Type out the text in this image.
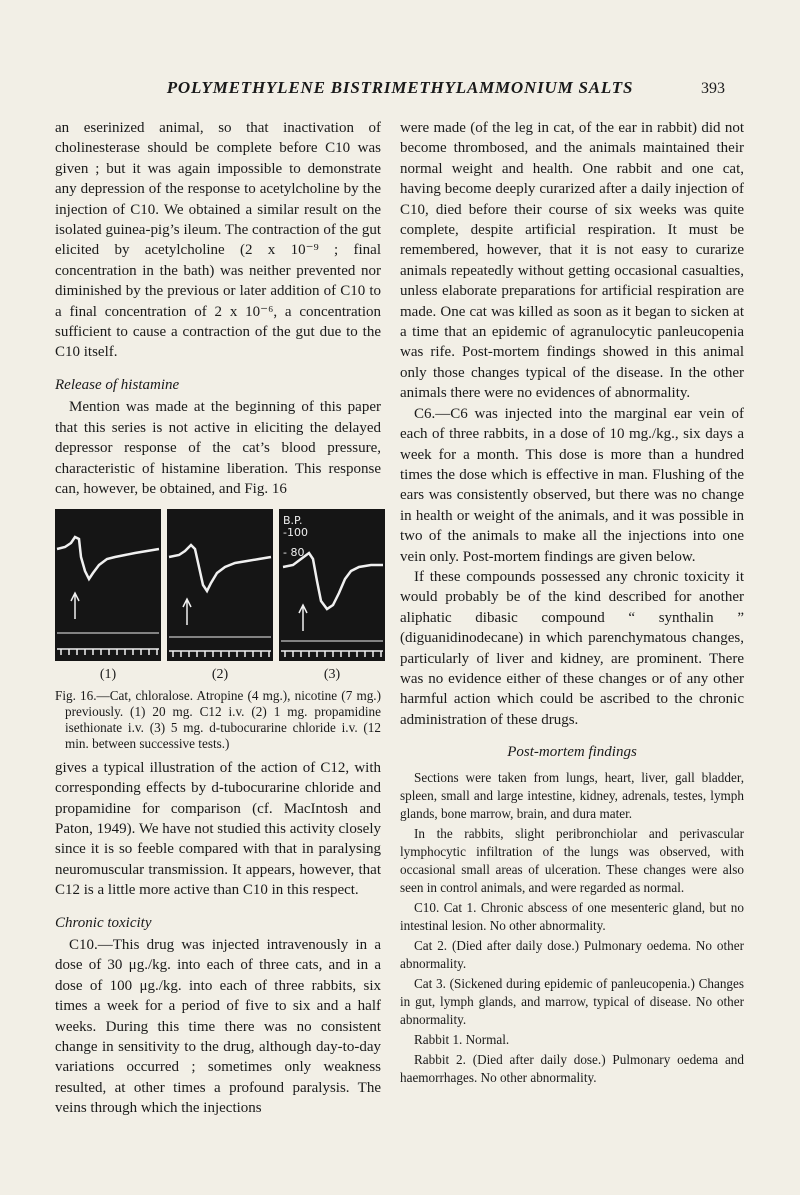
POLYMETHYLENE BISTRIMETHYLAMMONIUM SALTS	393

an eserinized animal, so that inactivation of cholinesterase should be complete before C10 was given ; but it was again impossible to demonstrate any depression of the response to acetylcholine by the injection of C10. We obtained a similar result on the isolated guinea-pig’s ileum. The contraction of the gut elicited by acetylcholine (2 x 10⁻⁹ ; final concentration in the bath) was neither prevented nor diminished by the previous or later addition of C10 to a final concentration of 2 x 10⁻⁶, a concentration sufficient to cause a contraction of the gut due to the C10 itself.

Release of histamine

Mention was made at the beginning of this paper that this series is not active in eliciting the delayed depressor response of the cat’s blood pressure, characteristic of histamine liberation. This response can, however, be obtained, and Fig. 16

B.P.
-100
- 80
(1)	(2)	(3)
Fig. 16.—Cat, chloralose. Atropine (4 mg.), nicotine (7 mg.) previously. (1) 20 mg. C12 i.v. (2) 1 mg. propamidine isethionate i.v. (3) 5 mg. d-tubocurarine chloride i.v. (12 min. between successive tests.)

gives a typical illustration of the action of C12, with corresponding effects by d-tubocurarine chloride and propamidine for comparison (cf. MacIntosh and Paton, 1949). We have not studied this activity closely since it is so feeble compared with that in paralysing neuromuscular transmission. It appears, however, that C12 is a little more active than C10 in this respect.

Chronic toxicity

C10.—This drug was injected intravenously in a dose of 30 μg./kg. into each of three cats, and in a dose of 100 μg./kg. into each of three rabbits, six times a week for a period of five to six and a half weeks. During this time there was no consistent change in sensitivity to the drug, although day-to-day variations occurred ; sometimes only weakness resulted, at other times a profound paralysis. The veins through which the injections

were made (of the leg in cat, of the ear in rabbit) did not become thrombosed, and the animals maintained their normal weight and health. One rabbit and one cat, having become deeply curarized after a daily injection of C10, died before their course of six weeks was quite complete, despite artificial respiration. It must be remembered, however, that it is not easy to curarize animals repeatedly without getting occasional casualties, unless elaborate preparations for artificial respiration are made. One cat was killed as soon as it began to sicken at a time that an epidemic of agranulocytic panleucopenia was rife. Post-mortem findings showed in this animal only those changes typical of the disease. In the other animals there were no evidences of abnormality.

C6.—C6 was injected into the marginal ear vein of each of three rabbits, in a dose of 10 mg./kg., six days a week for a month. This dose is more than a hundred times the dose which is effective in man. Flushing of the ears was consistently observed, but there was no change in health or weight of the animals, and it was possible in two of the animals to make all the injections into one vein only. Post-mortem findings are given below.

If these compounds possessed any chronic toxicity it would probably be of the kind described for another aliphatic dibasic compound “ synthalin ” (diguanidinodecane) in which parenchymatous changes, particularly of liver and kidney, are prominent. There was no evidence either of these changes or of any other harmful action which could be ascribed to the chronic administration of these drugs.

Post-mortem findings

Sections were taken from lungs, heart, liver, gall bladder, spleen, small and large intestine, kidney, adrenals, testes, lymph glands, bone marrow, brain, and dura mater.

In the rabbits, slight peribronchiolar and perivascular lymphocytic infiltration of the lungs was observed, with occasional small areas of ulceration. These changes were also seen in control animals, and were regarded as normal.

C10. Cat 1. Chronic abscess of one mesenteric gland, but no intestinal lesion. No other abnormality.

Cat 2. (Died after daily dose.) Pulmonary oedema. No other abnormality.

Cat 3. (Sickened during epidemic of panleucopenia.) Changes in gut, lymph glands, and marrow, typical of disease. No other abnormality.

Rabbit 1. Normal.

Rabbit 2. (Died after daily dose.) Pulmonary oedema and haemorrhages. No other abnormality.
